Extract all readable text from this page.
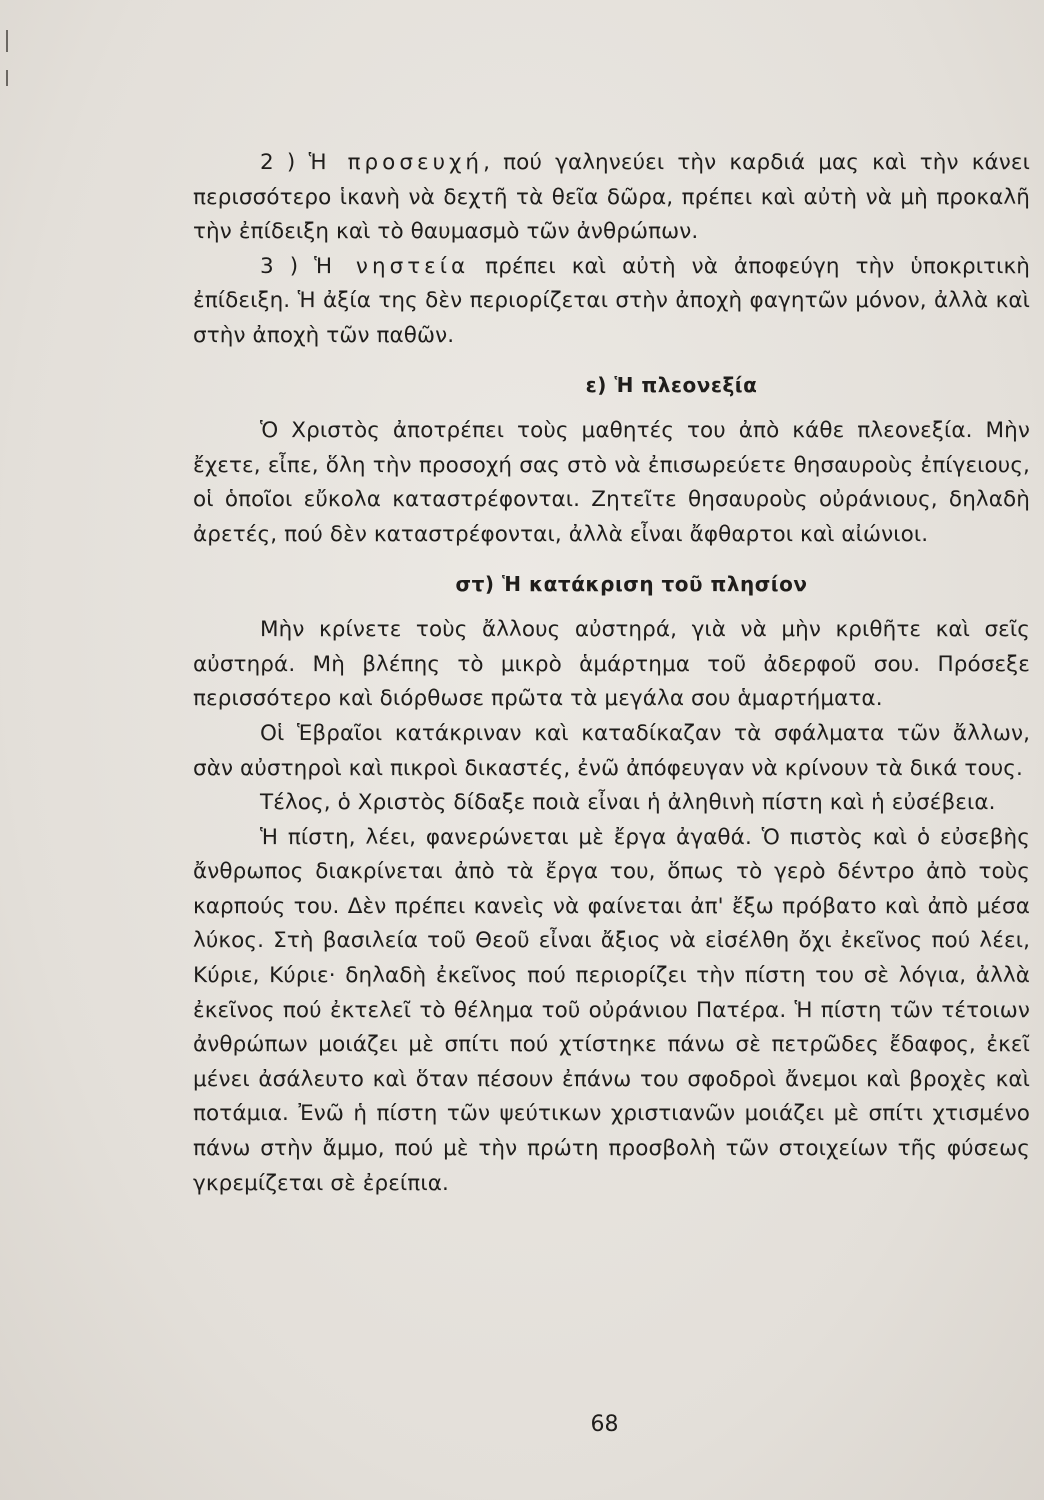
2 ) Ἡ προσευχή, πού γαληνεύει τὴν καρδιά μας καὶ τὴν κάνει περισσότερο ἱκανὴ νὰ δεχτῆ τὰ θεῖα δῶρα, πρέπει καὶ αὐτὴ νὰ μὴ προκαλῆ τὴν ἐπίδειξη καὶ τὸ θαυμασμὸ τῶν ἀνθρώπων.

3 ) Ἡ νηστεία πρέπει καὶ αὐτὴ νὰ ἀποφεύγη τὴν ὑποκριτικὴ ἐπίδειξη. Ἡ ἀξία της δὲν περιορίζεται στὴν ἀποχὴ φαγητῶν μόνον, ἀλλὰ καὶ στὴν ἀποχὴ τῶν παθῶν.

ε) Ἡ πλεονεξία

Ὁ Χριστὸς ἀποτρέπει τοὺς μαθητές του ἀπὸ κάθε πλεονεξία. Μὴν ἔχετε, εἶπε, ὅλη τὴν προσοχή σας στὸ νὰ ἐπισωρεύετε θησαυροὺς ἐπίγειους, οἱ ὁποῖοι εὔκολα καταστρέφονται. Ζητεῖτε θησαυροὺς οὐράνιους, δηλαδὴ ἀρετές, πού δὲν καταστρέφονται, ἀλλὰ εἶναι ἄφθαρτοι καὶ αἰώνιοι.

στ) Ἡ κατάκριση τοῦ πλησίον

Μὴν κρίνετε τοὺς ἄλλους αὐστηρά, γιὰ νὰ μὴν κριθῆτε καὶ σεῖς αὐστηρά. Μὴ βλέπης τὸ μικρὸ ἁμάρτημα τοῦ ἀδερφοῦ σου. Πρόσεξε περισσότερο καὶ διόρθωσε πρῶτα τὰ μεγάλα σου ἁμαρτήματα.

Οἱ Ἑβραῖοι κατάκριναν καὶ καταδίκαζαν τὰ σφάλματα τῶν ἄλλων, σὰν αὐστηροὶ καὶ πικροὶ δικαστές, ἐνῶ ἀπόφευγαν νὰ κρίνουν τὰ δικά τους.

Τέλος, ὁ Χριστὸς δίδαξε ποιὰ εἶναι ἡ ἀληθινὴ πίστη καὶ ἡ εὐσέβεια.

Ἡ πίστη, λέει, φανερώνεται μὲ ἔργα ἀγαθά. Ὁ πιστὸς καὶ ὁ εὐσεβὴς ἄνθρωπος διακρίνεται ἀπὸ τὰ ἔργα του, ὅπως τὸ γερὸ δέντρο ἀπὸ τοὺς καρπούς του. Δὲν πρέπει κανεὶς νὰ φαίνεται ἀπ' ἔξω πρόβατο καὶ ἀπὸ μέσα λύκος. Στὴ βασιλεία τοῦ Θεοῦ εἶναι ἄξιος νὰ εἰσέλθη ὄχι ἐκεῖνος πού λέει, Κύριε, Κύριε· δηλαδὴ ἐκεῖνος πού περιορίζει τὴν πίστη του σὲ λόγια, ἀλλὰ ἐκεῖνος πού ἐκτελεῖ τὸ θέλημα τοῦ οὐράνιου Πατέρα. Ἡ πίστη τῶν τέτοιων ἀνθρώπων μοιάζει μὲ σπίτι πού χτίστηκε πάνω σὲ πετρῶδες ἔδαφος, ἐκεῖ μένει ἀσάλευτο καὶ ὅταν πέσουν ἐπάνω του σφοδροὶ ἄνεμοι καὶ βροχὲς καὶ ποτάμια. Ἐνῶ ἡ πίστη τῶν ψεύτικων χριστιανῶν μοιάζει μὲ σπίτι χτισμένο πάνω στὴν ἄμμο, πού μὲ τὴν πρώτη προσβολὴ τῶν στοιχείων τῆς φύσεως γκρεμίζεται σὲ ἐρείπια.

68
